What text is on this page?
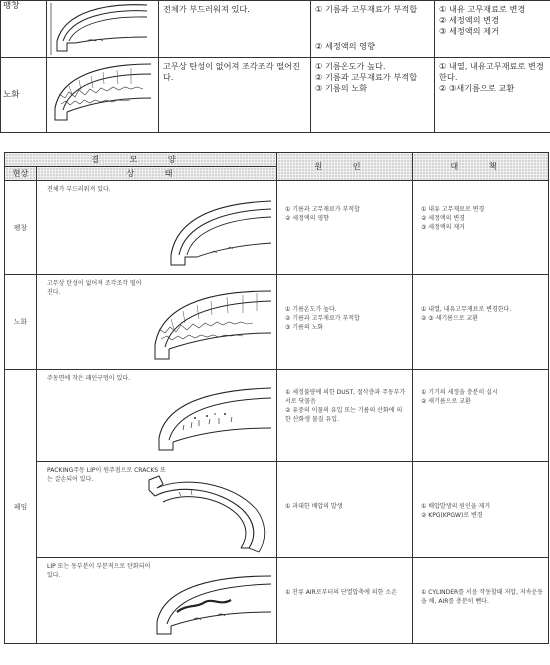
팽창		전체가 부드러워져 있다.	① 기름과 고무재료가 부적합
② 세정액의 영향	① 내유 고무재료로 변경
② 세정액의 변경
③ 세정액의 제거

노화		고무상 탄성이 없어져 조각조각 떨어진다.	① 기름온도가 높다.
② 기름과 고무재료가 부적합
③ 기름의 노화	① 내열, 내유고무재료로 변경한다.
② ③새기름으로 교환
결 모 양		원 인	대 책
현상	상 태		
팽창	전체가 부드러워져 있다.	① 기름과 고무재료가 부적합
② 세정액의 영향	① 내유 고무재료로 변경
② 세정액의 변경
③ 세정액의 제거

노화	고무상 탄성이 없어져 조각조각 떨어진다.	① 기름온도가 높다.
② 기름과 고무재료가 부적합
③ 기름의 노화	① 내열, 내유고무재료로 변경한다.
② ③ 새기름으로 교환

패임	주동면에 작은 패인구멍이 있다.	① 세정불량에 의한 DUST, 절삭층과 주동부가 서로 닷물음
② 유중의 이물의 유입 또는 기름의 산화에 의한 산화생 물질 유입.	① 기기의 세정을 충분히 실시
② 새기름으로 교환

	PACKING주동 LIP이 원주점으로 CRACKS 또는 갈손되어 있다.	① 과대한 배압의 발생	① 배압발생의 원인을 제거
② KPG(KPGW)로 변경

	LIP 또는 동부분이 부분적으로 탄화되어 있다.	① 잔류 AIR로부터의 단열압축에 의한 소손	① CYLINDER를 서음 작동할때 저압, 저속운동을 해, AIR를 충분히 뺀다.
